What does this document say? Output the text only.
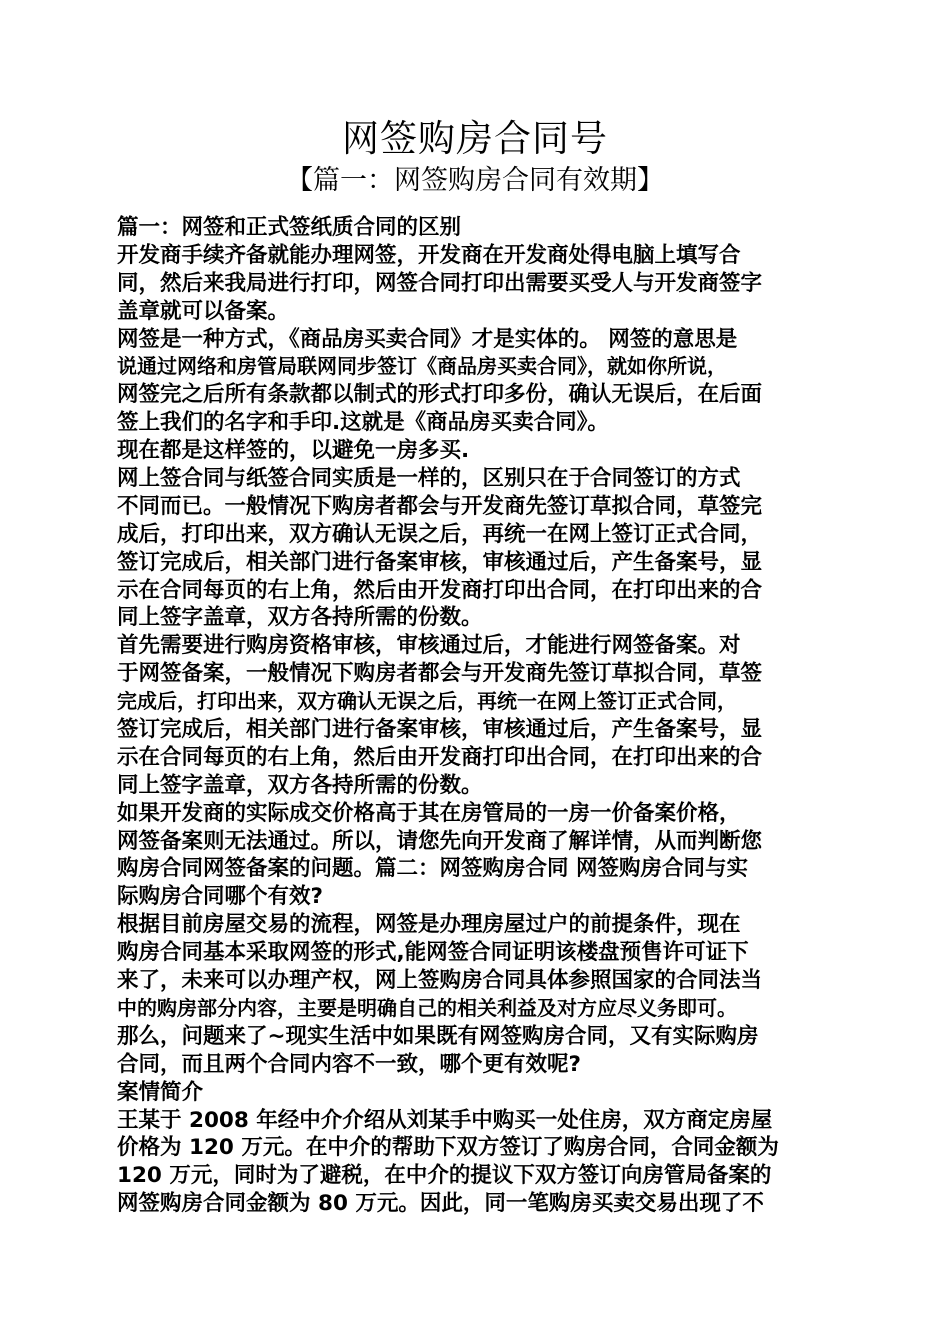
网签购房合同号
【篇一：网签购房合同有效期】
篇一：网签和正式签纸质合同的区别
开发商手续齐备就能办理网签，开发商在开发商处得电脑上填写合
同，然后来我局进行打印，网签合同打印出需要买受人与开发商签字
盖章就可以备案。
网签是一种方式，《商品房买卖合同》才是实体的。 网签的意思是
说通过网络和房管局联网同步签订《商品房买卖合同》，就如你所说，
网签完之后所有条款都以制式的形式打印多份，确认无误后，在后面
签上我们的名字和手印.这就是《商品房买卖合同》。
现在都是这样签的，以避免一房多买.
网上签合同与纸签合同实质是一样的，区别只在于合同签订的方式
不同而已。一般情况下购房者都会与开发商先签订草拟合同，草签完
成后，打印出来，双方确认无误之后，再统一在网上签订正式合同，
签订完成后，相关部门进行备案审核，审核通过后，产生备案号，显
示在合同每页的右上角，然后由开发商打印出合同，在打印出来的合
同上签字盖章，双方各持所需的份数。
首先需要进行购房资格审核，审核通过后，才能进行网签备案。对
于网签备案，一般情况下购房者都会与开发商先签订草拟合同，草签
完成后，打印出来，双方确认无误之后，再统一在网上签订正式合同，
签订完成后，相关部门进行备案审核，审核通过后，产生备案号，显
示在合同每页的右上角，然后由开发商打印出合同，在打印出来的合
同上签字盖章，双方各持所需的份数。
如果开发商的实际成交价格高于其在房管局的一房一价备案价格，
网签备案则无法通过。所以，请您先向开发商了解详情，从而判断您
购房合同网签备案的问题。篇二：网签购房合同 网签购房合同与实
际购房合同哪个有效?
根据目前房屋交易的流程，网签是办理房屋过户的前提条件，现在
购房合同基本采取网签的形式,能网签合同证明该楼盘预售许可证下
来了，未来可以办理产权，网上签购房合同具体参照国家的合同法当
中的购房部分内容，主要是明确自己的相关利益及对方应尽义务即可。
那么，问题来了~现实生活中如果既有网签购房合同，又有实际购房
合同，而且两个合同内容不一致，哪个更有效呢?
案情简介
王某于 2008 年经中介介绍从刘某手中购买一处住房，双方商定房屋
价格为 120 万元。在中介的帮助下双方签订了购房合同，合同金额为
120 万元，同时为了避税，在中介的提议下双方签订向房管局备案的
网签购房合同金额为 80 万元。因此，同一笔购房买卖交易出现了不
